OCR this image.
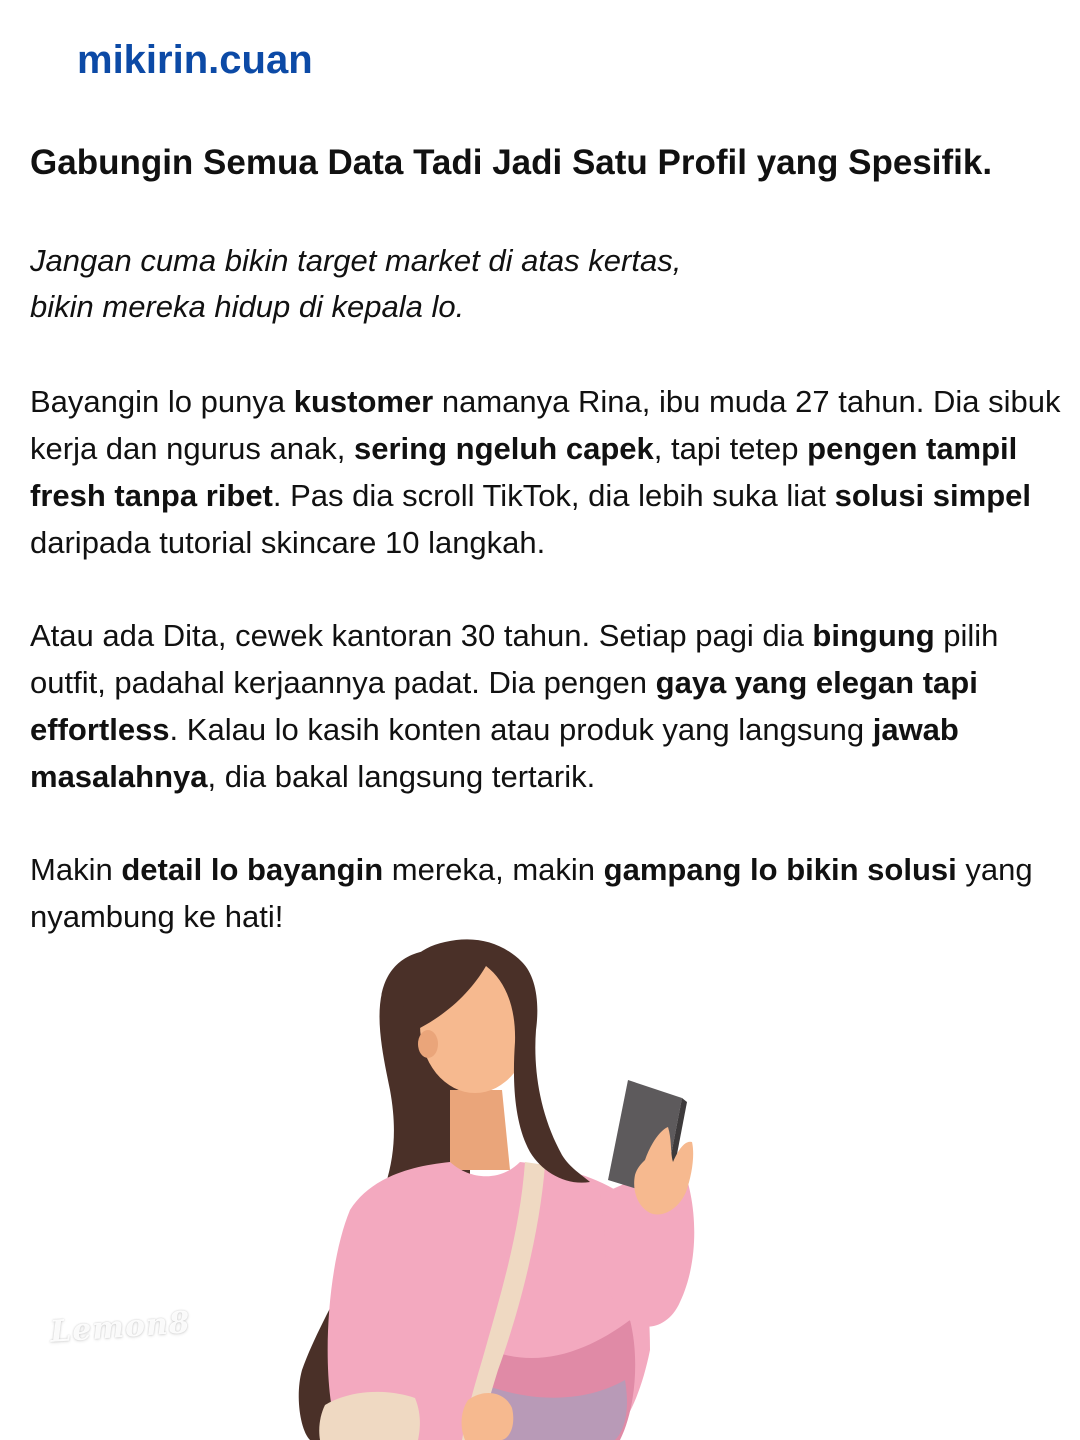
mikirin.cuan
Gabungin Semua Data Tadi Jadi Satu Profil yang Spesifik.

Jangan cuma bikin target market di atas kertas,
bikin mereka hidup di kepala lo.

Bayangin lo punya kustomer namanya Rina, ibu muda 27 tahun. Dia sibuk kerja dan ngurus anak, sering ngeluh capek, tapi tetep pengen tampil fresh tanpa ribet. Pas dia scroll TikTok, dia lebih suka liat solusi simpel daripada tutorial skincare 10 langkah.

Atau ada Dita, cewek kantoran 30 tahun. Setiap pagi dia bingung pilih outfit, padahal kerjaannya padat. Dia pengen gaya yang elegan tapi effortless. Kalau lo kasih konten atau produk yang langsung jawab masalahnya, dia bakal langsung tertarik.

Makin detail lo bayangin mereka, makin gampang lo bikin solusi yang nyambung ke hati!

Lemon8
